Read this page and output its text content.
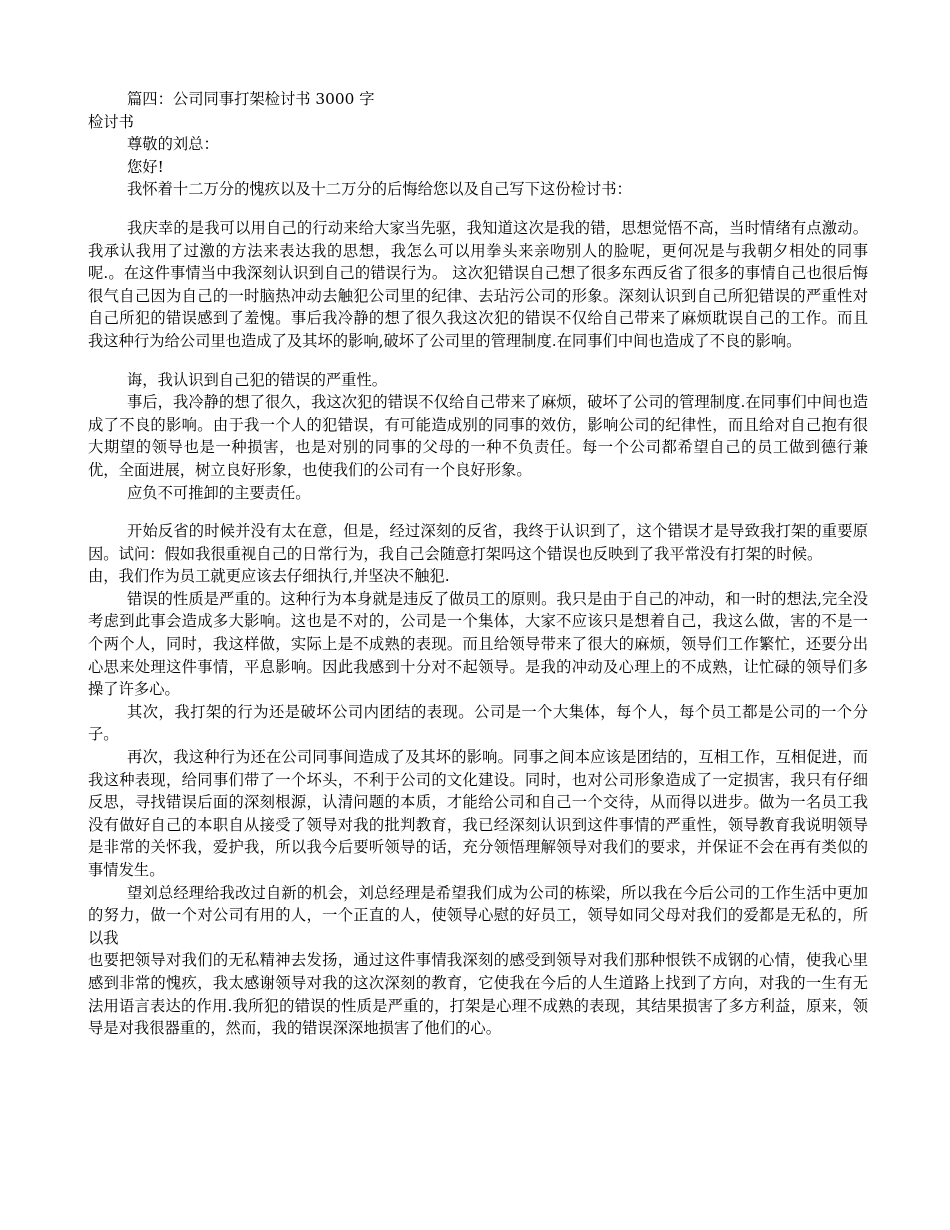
篇四：公司同事打架检讨书 3000 字

检讨书

尊敬的刘总：

您好!

我怀着十二万分的愧疚以及十二万分的后悔给您以及自己写下这份检讨书：

我庆幸的是我可以用自己的行动来给大家当先驱，我知道这次是我的错，思想觉悟不高，当时情绪有点激动。我承认我用了过激的方法来表达我的思想，我怎么可以用拳头来亲吻别人的脸呢，更何况是与我朝夕相处的同事呢.。在这件事情当中我深刻认识到自己的错误行为。 这次犯错误自己想了很多东西反省了很多的事情自己也很后悔很气自己因为自己的一时脑热冲动去触犯公司里的纪律、去玷污公司的形象。深刻认识到自己所犯错误的严重性对自己所犯的错误感到了羞愧。事后我冷静的想了很久我这次犯的错误不仅给自己带来了麻烦耽误自己的工作。而且我这种行为给公司里也造成了及其坏的影响,破坏了公司里的管理制度.在同事们中间也造成了不良的影响。

诲，我认识到自己犯的错误的严重性。

事后，我冷静的想了很久，我这次犯的错误不仅给自己带来了麻烦，破坏了公司的管理制度.在同事们中间也造成了不良的影响。由于我一个人的犯错误，有可能造成别的同事的效仿，影响公司的纪律性，而且给对自己抱有很大期望的领导也是一种损害，也是对别的同事的父母的一种不负责任。每一个公司都希望自己的员工做到德行兼优，全面进展，树立良好形象，也使我们的公司有一个良好形象。

应负不可推卸的主要责任。

开始反省的时候并没有太在意，但是，经过深刻的反省，我终于认识到了，这个错误才是导致我打架的重要原因。试问：假如我很重视自己的日常行为，我自己会随意打架吗这个错误也反映到了我平常没有打架的时候。

由，我们作为员工就更应该去仔细执行,并坚决不触犯.

错误的性质是严重的。这种行为本身就是违反了做员工的原则。我只是由于自己的冲动，和一时的想法,完全没考虑到此事会造成多大影响。这也是不对的，公司是一个集体，大家不应该只是想着自己，我这么做，害的不是一个两个人，同时，我这样做，实际上是不成熟的表现。而且给领导带来了很大的麻烦，领导们工作繁忙，还要分出心思来处理这件事情，平息影响。因此我感到十分对不起领导。是我的冲动及心理上的不成熟，让忙碌的领导们多操了许多心。

其次，我打架的行为还是破坏公司内团结的表现。公司是一个大集体，每个人，每个员工都是公司的一个分子。

再次，我这种行为还在公司同事间造成了及其坏的影响。同事之间本应该是团结的，互相工作，互相促进，而我这种表现，给同事们带了一个坏头，不利于公司的文化建设。同时，也对公司形象造成了一定损害，我只有仔细反思，寻找错误后面的深刻根源，认清问题的本质，才能给公司和自己一个交待，从而得以进步。做为一名员工我没有做好自己的本职自从接受了领导对我的批判教育，我已经深刻认识到这件事情的严重性，领导教育我说明领导是非常的关怀我，爱护我，所以我今后要听领导的话，充分领悟理解领导对我们的要求，并保证不会在再有类似的事情发生。

望刘总经理给我改过自新的机会，刘总经理是希望我们成为公司的栋梁，所以我在今后公司的工作生活中更加的努力，做一个对公司有用的人，一个正直的人，使领导心慰的好员工，领导如同父母对我们的爱都是无私的，所以我

也要把领导对我们的无私精神去发扬，通过这件事情我深刻的感受到领导对我们那种恨铁不成钢的心情，使我心里感到非常的愧疚，我太感谢领导对我的这次深刻的教育，它使我在今后的人生道路上找到了方向，对我的一生有无法用语言表达的作用.我所犯的错误的性质是严重的，打架是心理不成熟的表现，其结果损害了多方利益，原来，领导是对我很器重的，然而，我的错误深深地损害了他们的心。
